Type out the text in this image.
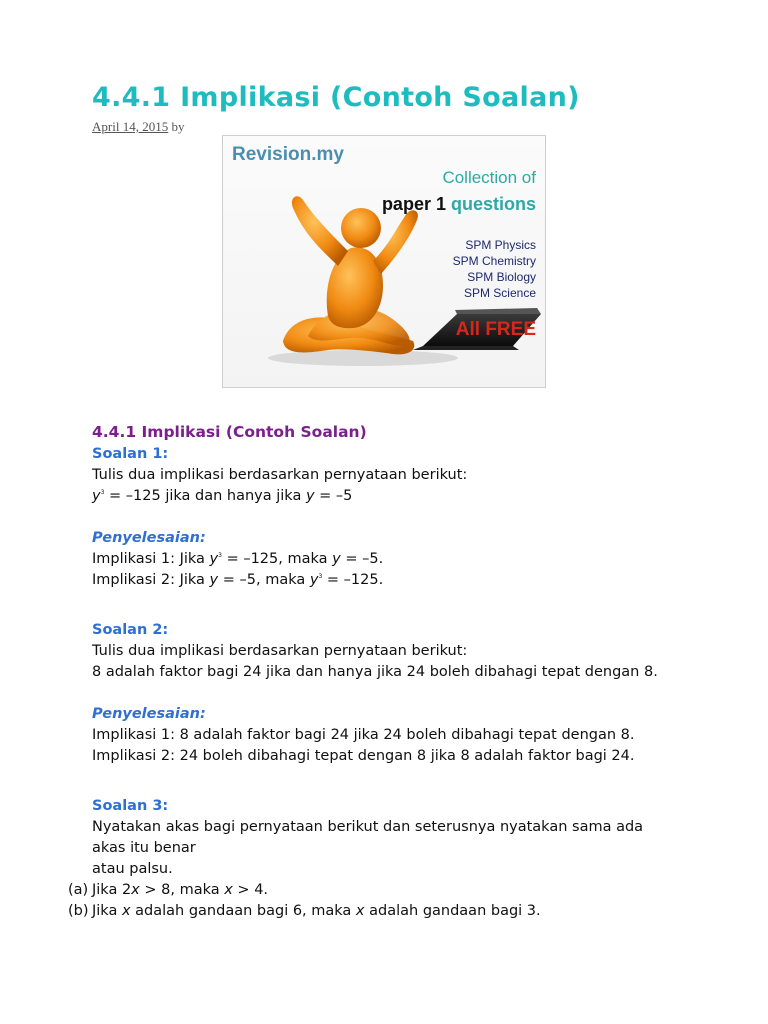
4.4.1 Implikasi (Contoh Soalan)
April 14, 2015 by
Revision.my
Collection of
paper 1 questions
SPM Physics
SPM Chemistry
SPM Biology
SPM Science
.....
All FREE
4.4.1 Implikasi (Contoh Soalan)
Soalan 1:
Tulis dua implikasi berdasarkan pernyataan berikut:
$y^3 = -125$ jika dan hanya jika y = –5
Penyelesaian:
Implikasi 1: Jika $y^3 = -125$, maka y = –5.
Implikasi 2: Jika y = –5, maka $y^3 = -125$.
Soalan 2:
Tulis dua implikasi berdasarkan pernyataan berikut:
8 adalah faktor bagi 24 jika dan hanya jika 24 boleh dibahagi tepat dengan 8.
Penyelesaian:
Implikasi 1: 8 adalah faktor bagi 24 jika 24 boleh dibahagi tepat dengan 8.
Implikasi 2: 24 boleh dibahagi tepat dengan 8 jika 8 adalah faktor bagi 24.
Soalan 3:
Nyatakan akas bagi pernyataan berikut dan seterusnya nyatakan sama ada
akas itu benar
atau palsu.
(a) Jika 2x > 8, maka x > 4.
(b) Jika x adalah gandaan bagi 6, maka x adalah gandaan bagi 3.
